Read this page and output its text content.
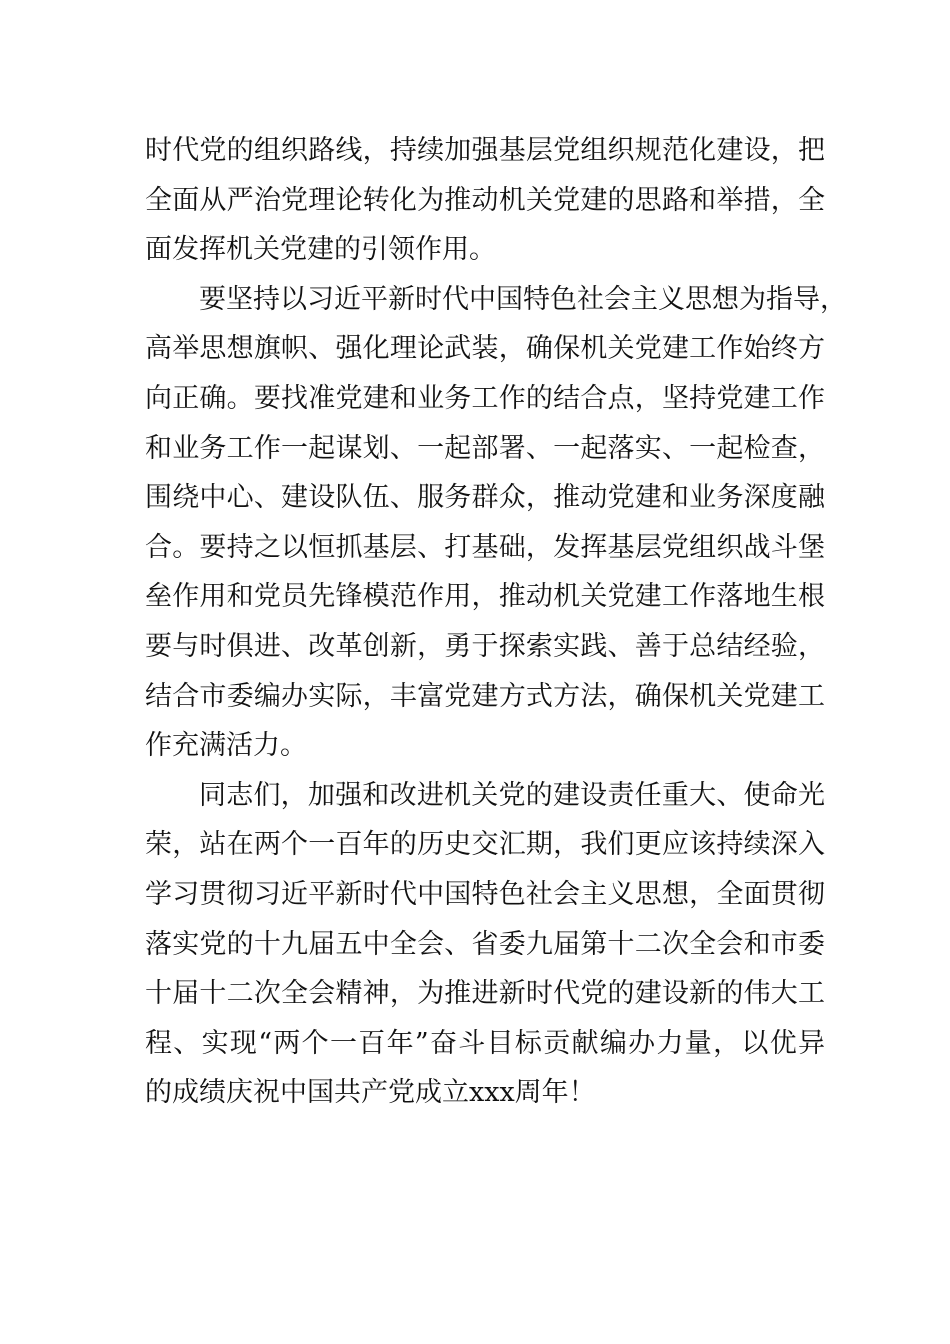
时代党的组织路线，持续加强基层党组织规范化建设，把
全面从严治党理论转化为推动机关党建的思路和举措，全
面发挥机关党建的引领作用。
要坚持以习近平新时代中国特色社会主义思想为指导，
高举思想旗帜、强化理论武装，确保机关党建工作始终方
向正确。要找准党建和业务工作的结合点，坚持党建工作
和业务工作一起谋划、一起部署、一起落实、一起检查，
围绕中心、建设队伍、服务群众，推动党建和业务深度融
合。要持之以恒抓基层、打基础，发挥基层党组织战斗堡
垒作用和党员先锋模范作用，推动机关党建工作落地生根
要与时俱进、改革创新，勇于探索实践、善于总结经验，
结合市委编办实际，丰富党建方式方法，确保机关党建工
作充满活力。
同志们，加强和改进机关党的建设责任重大、使命光
荣，站在两个一百年的历史交汇期，我们更应该持续深入
学习贯彻习近平新时代中国特色社会主义思想，全面贯彻
落实党的十九届五中全会、省委九届第十二次全会和市委
十届十二次全会精神，为推进新时代党的建设新的伟大工
程、实现“两个一百年”奋斗目标贡献编办力量，以优异
的成绩庆祝中国共产党成立xxx周年！
